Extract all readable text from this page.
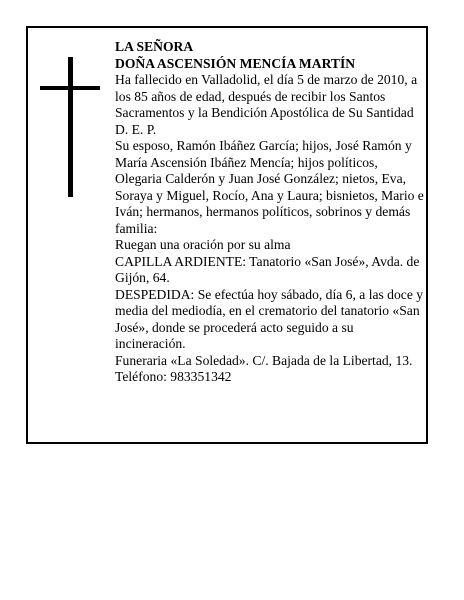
LA SEÑORA

DOÑA ASCENSIÓN MENCÍA MARTÍN

Ha fallecido en Valladolid, el día 5 de marzo de 2010, a los 85 años de edad, después de recibir los Santos Sacramentos y la Bendición Apostólica de Su Santidad

D. E. P.

Su esposo, Ramón Ibáñez García; hijos, José Ramón y María Ascensión Ibáñez Mencía; hijos políticos, Olegaria Calderón y Juan José González; nietos, Eva, Soraya y Miguel, Rocío, Ana y Laura; bisnietos, Mario e Iván; hermanos, hermanos políticos, sobrinos y demás familia:

Ruegan una oración por su alma

CAPILLA ARDIENTE: Tanatorio «San José», Avda. de Gijón, 64.

DESPEDIDA: Se efectúa hoy sábado, día 6, a las doce y media del mediodía, en el crematorio del tanatorio «San José», donde se procederá acto seguido a su incineración.

Funeraria «La Soledad». C/. Bajada de la Libertad, 13.

Teléfono: 983351342
